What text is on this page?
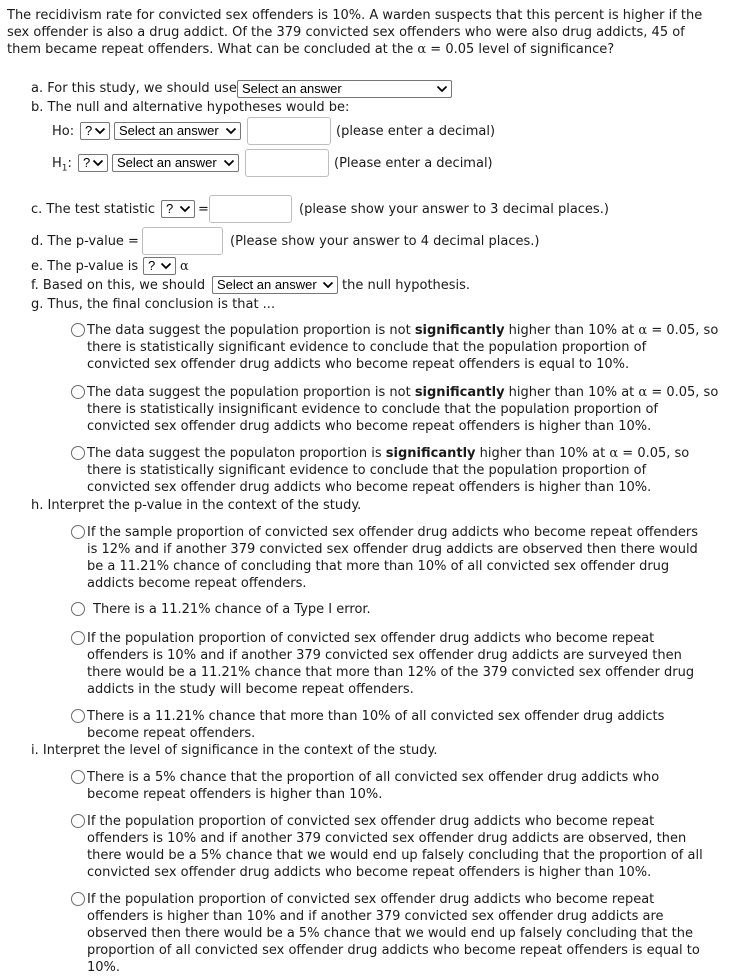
The recidivism rate for convicted sex offenders is 10%. A warden suspects that this percent is higher if the
sex offender is also a drug addict. Of the 379 convicted sex offenders who were also drug addicts, 45 of
them became repeat offenders. What can be concluded at the α = 0.05 level of significance?
a. For this study, we should use Select an answer
b. The null and alternative hypotheses would be:
Ho: ?	Select an answer	(please enter a decimal)
$H_1$: ?	Select an answer	(Please enter a decimal)
c. The test statistic ?	=	(please show your answer to 3 decimal places.)
d. The p-value =	(Please show your answer to 4 decimal places.)
e. The p-value is ?	α
f. Based on this, we should Select an answer	the null hypothesis.
g. Thus, the final conclusion is that ...
The data suggest the population proportion is not significantly higher than 10% at α = 0.05, so
there is statistically significant evidence to conclude that the population proportion of
convicted sex offender drug addicts who become repeat offenders is equal to 10%.
The data suggest the population proportion is not significantly higher than 10% at α = 0.05, so
there is statistically insignificant evidence to conclude that the population proportion of
convicted sex offender drug addicts who become repeat offenders is higher than 10%.
The data suggest the populaton proportion is significantly higher than 10% at α = 0.05, so
there is statistically significant evidence to conclude that the population proportion of
convicted sex offender drug addicts who become repeat offenders is higher than 10%.
h. Interpret the p-value in the context of the study.
If the sample proportion of convicted sex offender drug addicts who become repeat offenders
is 12% and if another 379 convicted sex offender drug addicts are observed then there would
be a 11.21% chance of concluding that more than 10% of all convicted sex offender drug
addicts become repeat offenders.
There is a 11.21% chance of a Type I error.
If the population proportion of convicted sex offender drug addicts who become repeat
offenders is 10% and if another 379 convicted sex offender drug addicts are surveyed then
there would be a 11.21% chance that more than 12% of the 379 convicted sex offender drug
addicts in the study will become repeat offenders.
There is a 11.21% chance that more than 10% of all convicted sex offender drug addicts
become repeat offenders.
i. Interpret the level of significance in the context of the study.
There is a 5% chance that the proportion of all convicted sex offender drug addicts who
become repeat offenders is higher than 10%.
If the population proportion of convicted sex offender drug addicts who become repeat
offenders is 10% and if another 379 convicted sex offender drug addicts are observed, then
there would be a 5% chance that we would end up falsely concluding that the proportion of all
convicted sex offender drug addicts who become repeat offenders is higher than 10%.
If the population proportion of convicted sex offender drug addicts who become repeat
offenders is higher than 10% and if another 379 convicted sex offender drug addicts are
observed then there would be a 5% chance that we would end up falsely concluding that the
proportion of all convicted sex offender drug addicts who become repeat offenders is equal to
10%.
